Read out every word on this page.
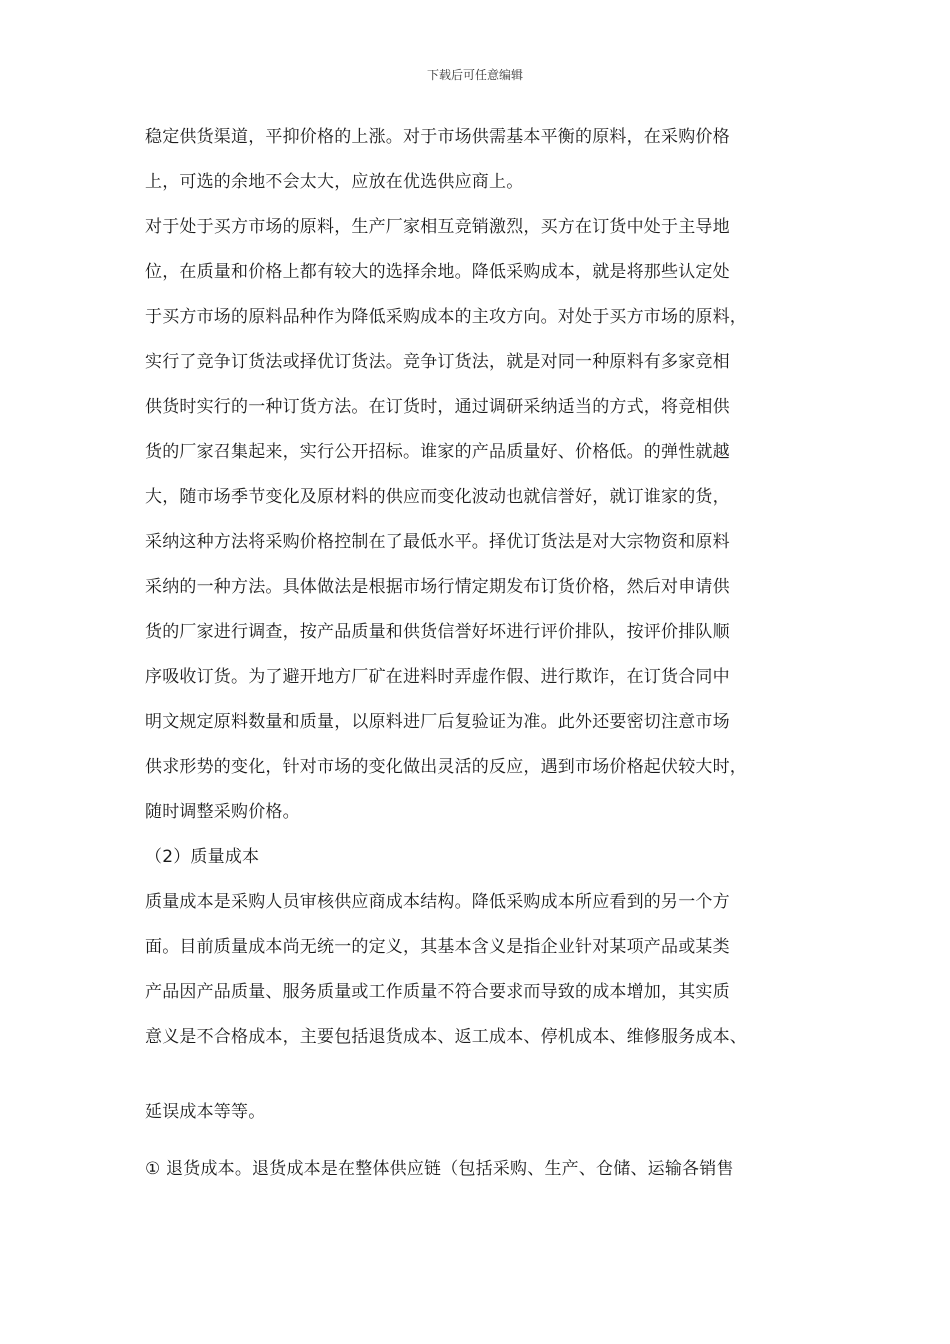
下载后可任意编辑
稳定供货渠道，平抑价格的上涨。对于市场供需基本平衡的原料，在采购价格
上，可选的余地不会太大，应放在优选供应商上。
对于处于买方市场的原料，生产厂家相互竞销激烈，买方在订货中处于主导地
位，在质量和价格上都有较大的选择余地。降低采购成本，就是将那些认定处
于买方市场的原料品种作为降低采购成本的主攻方向。对处于买方市场的原料，
实行了竞争订货法或择优订货法。竞争订货法，就是对同一种原料有多家竞相
供货时实行的一种订货方法。在订货时，通过调研采纳适当的方式，将竞相供
货的厂家召集起来，实行公开招标。谁家的产品质量好、价格低。的弹性就越
大，随市场季节变化及原材料的供应而变化波动也就信誉好，就订谁家的货，
采纳这种方法将采购价格控制在了最低水平。择优订货法是对大宗物资和原料
采纳的一种方法。具体做法是根据市场行情定期发布订货价格，然后对申请供
货的厂家进行调查，按产品质量和供货信誉好坏进行评价排队，按评价排队顺
序吸收订货。为了避开地方厂矿在进料时弄虚作假、进行欺诈，在订货合同中
明文规定原料数量和质量，以原料进厂后复验证为准。此外还要密切注意市场
供求形势的变化，针对市场的变化做出灵活的反应，遇到市场价格起伏较大时，
随时调整采购价格。
（2）质量成本
质量成本是采购人员审核供应商成本结构。降低采购成本所应看到的另一个方
面。目前质量成本尚无统一的定义，其基本含义是指企业针对某项产品或某类
产品因产品质量、服务质量或工作质量不符合要求而导致的成本增加，其实质
意义是不合格成本，主要包括退货成本、返工成本、停机成本、维修服务成本、
延误成本等等。
① 退货成本。退货成本是在整体供应链（包括采购、生产、仓储、运输各销售
